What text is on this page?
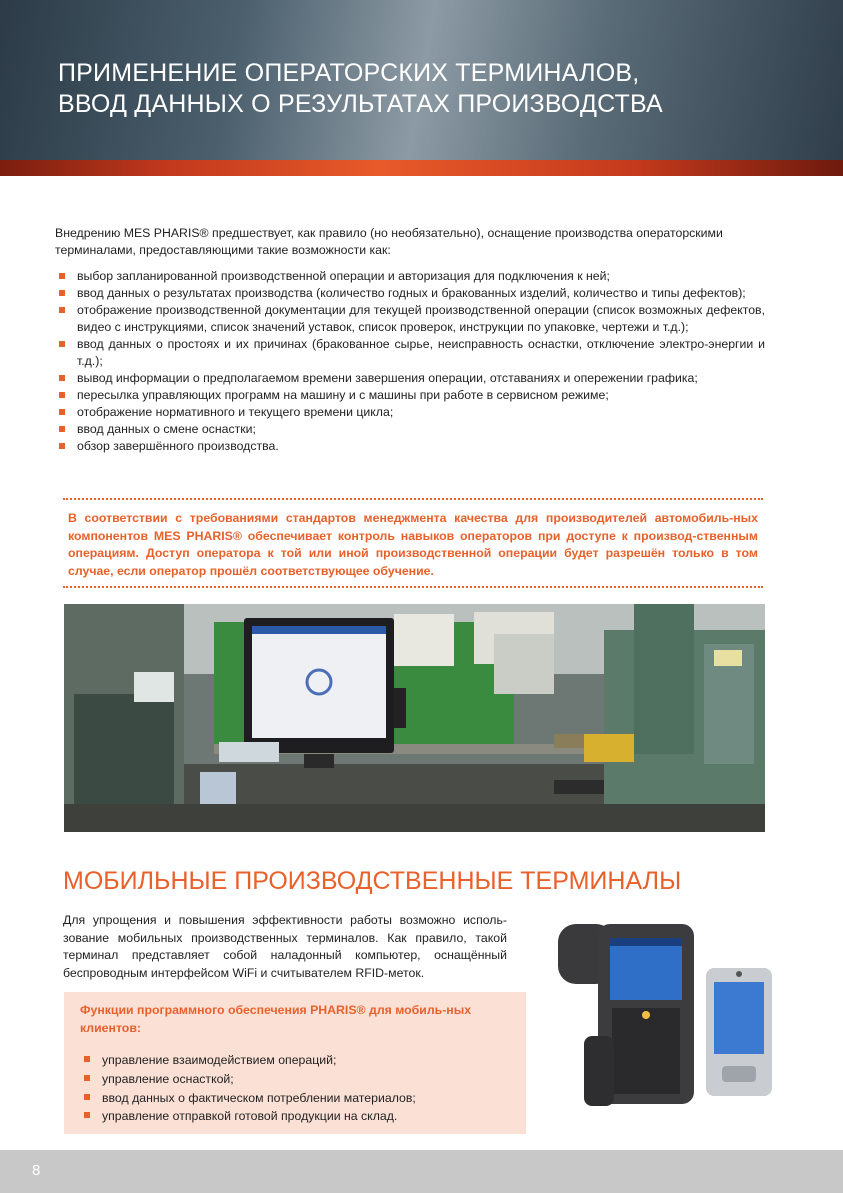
ПРИМЕНЕНИЕ ОПЕРАТОРСКИХ ТЕРМИНАЛОВ,
ВВОД ДАННЫХ О РЕЗУЛЬТАТАХ ПРОИЗВОДСТВА
Внедрению MES PHARIS® предшествует, как правило (но необязательно), оснащение производства операторскими терминалами, предоставляющими такие возможности как:
выбор запланированной производственной операции и авторизация для подключения к ней;
ввод данных о результатах производства (количество годных и бракованных изделий, количество и типы дефектов);
отображение производственной документации для текущей производственной операции (список возможных дефектов, видео с инструкциями, список значений уставок, список проверок, инструкции по упаковке, чертежи и т.д.);
ввод данных о простоях и их причинах (бракованное сырье, неисправность оснастки, отключение электро-энергии и т.д.);
вывод информации о предполагаемом времени завершения операции, отставаниях и опережении графика;
пересылка управляющих программ на машину и с машины при работе в сервисном режиме;
отображение нормативного и текущего времени цикла;
ввод данных о смене оснастки;
обзор завершённого производства.
В соответствии с требованиями стандартов менеджмента качества для производителей автомобиль-ных компонентов MES PHARIS® обеспечивает контроль навыков операторов при доступе к производ-ственным операциям. Доступ оператора к той или иной производственной операции будет разрешён только в том случае, если оператор прошёл соответствующее обучение.
МОБИЛЬНЫЕ ПРОИЗВОДСТВЕННЫЕ ТЕРМИНАЛЫ
Для упрощения и повышения эффективности работы возможно исполь-зование мобильных производственных терминалов. Как правило, такой терминал представляет собой наладонный компьютер, оснащённый беспроводным интерфейсом WiFi и считывателем RFID-меток.
Функции программного обеспечения PHARIS® для мобиль-ных клиентов:
управление взаимодействием операций;
управление оснасткой;
ввод данных о фактическом потреблении материалов;
управление отправкой готовой продукции на склад.
8
